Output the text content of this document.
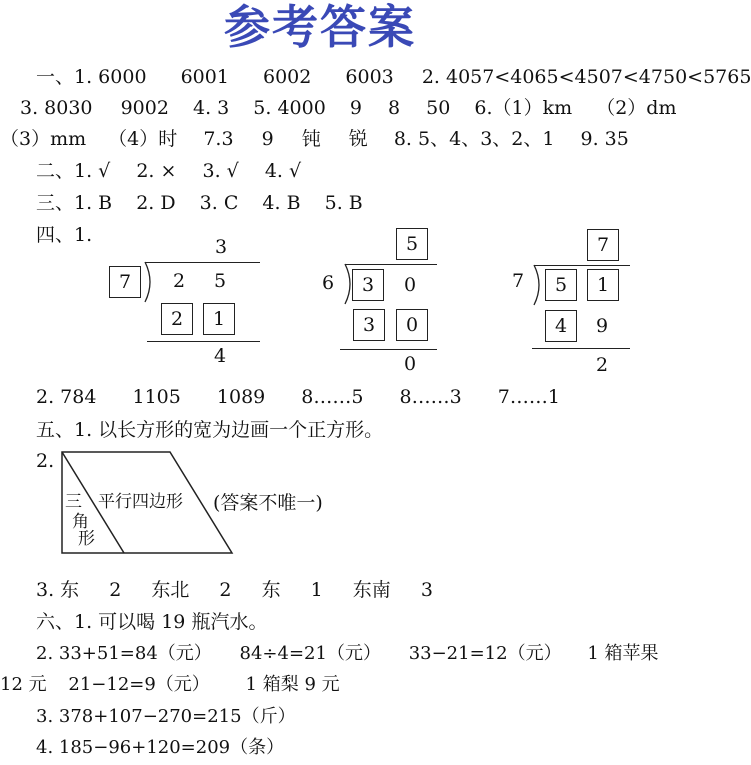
参考答案
一、1. 6000 6001 6002 6003 2. 4057<4065<4507<4750<5765
3. 8030 9002 4. 3 5. 4000 9 8 50 6.（1）km （2）dm
（3）mm （4）时 7.3 9 钝 锐 8. 5、4、3、2、1 9. 35
二、1. √ 2. × 3. √ 4. √
三、1. B 2. D 3. C 4. B 5. B
四、1.
3
7	2 5
2	1
4
5
6	3	0
3	0
0
7
7	5	1
4	9
2
2. 784 1105 1089 8……5 8……3 7……1
五、1. 以长方形的宽为边画一个正方形。
2.
三
角
形
平行四边形 (答案不唯一)
3. 东 2 东北 2 东 1 东南 3
六、1. 可以喝 19 瓶汽水。
2. 33+51=84（元） 84÷4=21（元） 33−21=12（元） 1 箱苹果
12 元 21−12=9（元） 1 箱梨 9 元
3. 378+107−270=215（斤）
4. 185−96+120=209（条）
